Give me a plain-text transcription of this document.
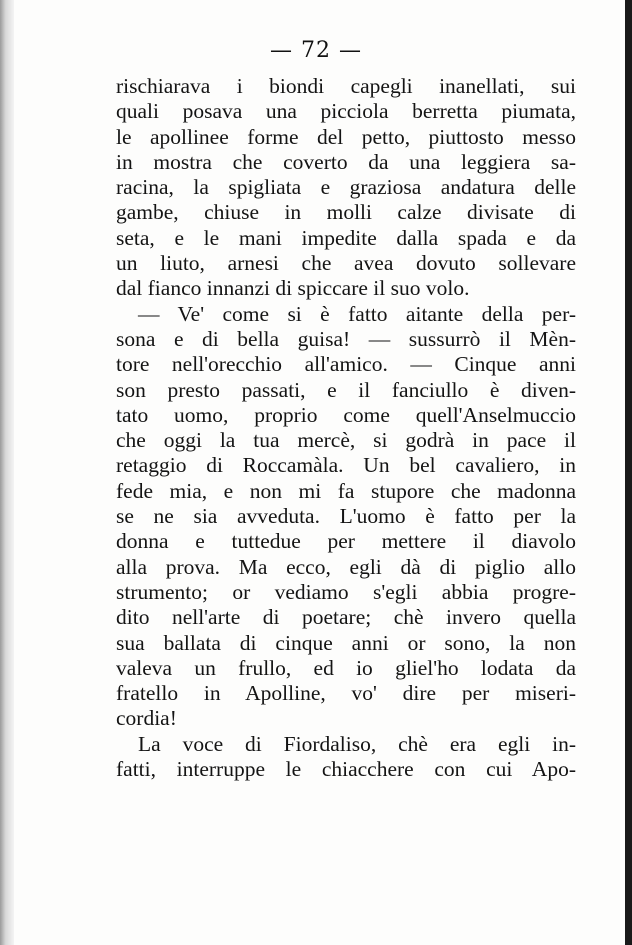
— 72 —
rischiarava i biondi capegli inanellati, sui
quali posava una picciola berretta piumata,
le apollinee forme del petto, piuttosto messo
in mostra che coverto da una leggiera sa-
racina, la spigliata e graziosa andatura delle
gambe, chiuse in molli calze divisate di
seta, e le mani impedite dalla spada e da
un liuto, arnesi che avea dovuto sollevare
dal fianco innanzi di spiccare il suo volo.
— Ve' come si è fatto aitante della per-
sona e di bella guisa! — sussurrò il Mèn-
tore nell'orecchio all'amico. — Cinque anni
son presto passati, e il fanciullo è diven-
tato uomo, proprio come quell'Anselmuccio
che oggi la tua mercè, si godrà in pace il
retaggio di Roccamàla. Un bel cavaliero, in
fede mia, e non mi fa stupore che madonna
se ne sia avveduta. L'uomo è fatto per la
donna e tuttedue per mettere il diavolo
alla prova. Ma ecco, egli dà di piglio allo
strumento; or vediamo s'egli abbia progre-
dito nell'arte di poetare; chè invero quella
sua ballata di cinque anni or sono, la non
valeva un frullo, ed io gliel'ho lodata da
fratello in Apolline, vo' dire per miseri-
cordia!
La voce di Fiordaliso, chè era egli in-
fatti, interruppe le chiacchere con cui Apo-
